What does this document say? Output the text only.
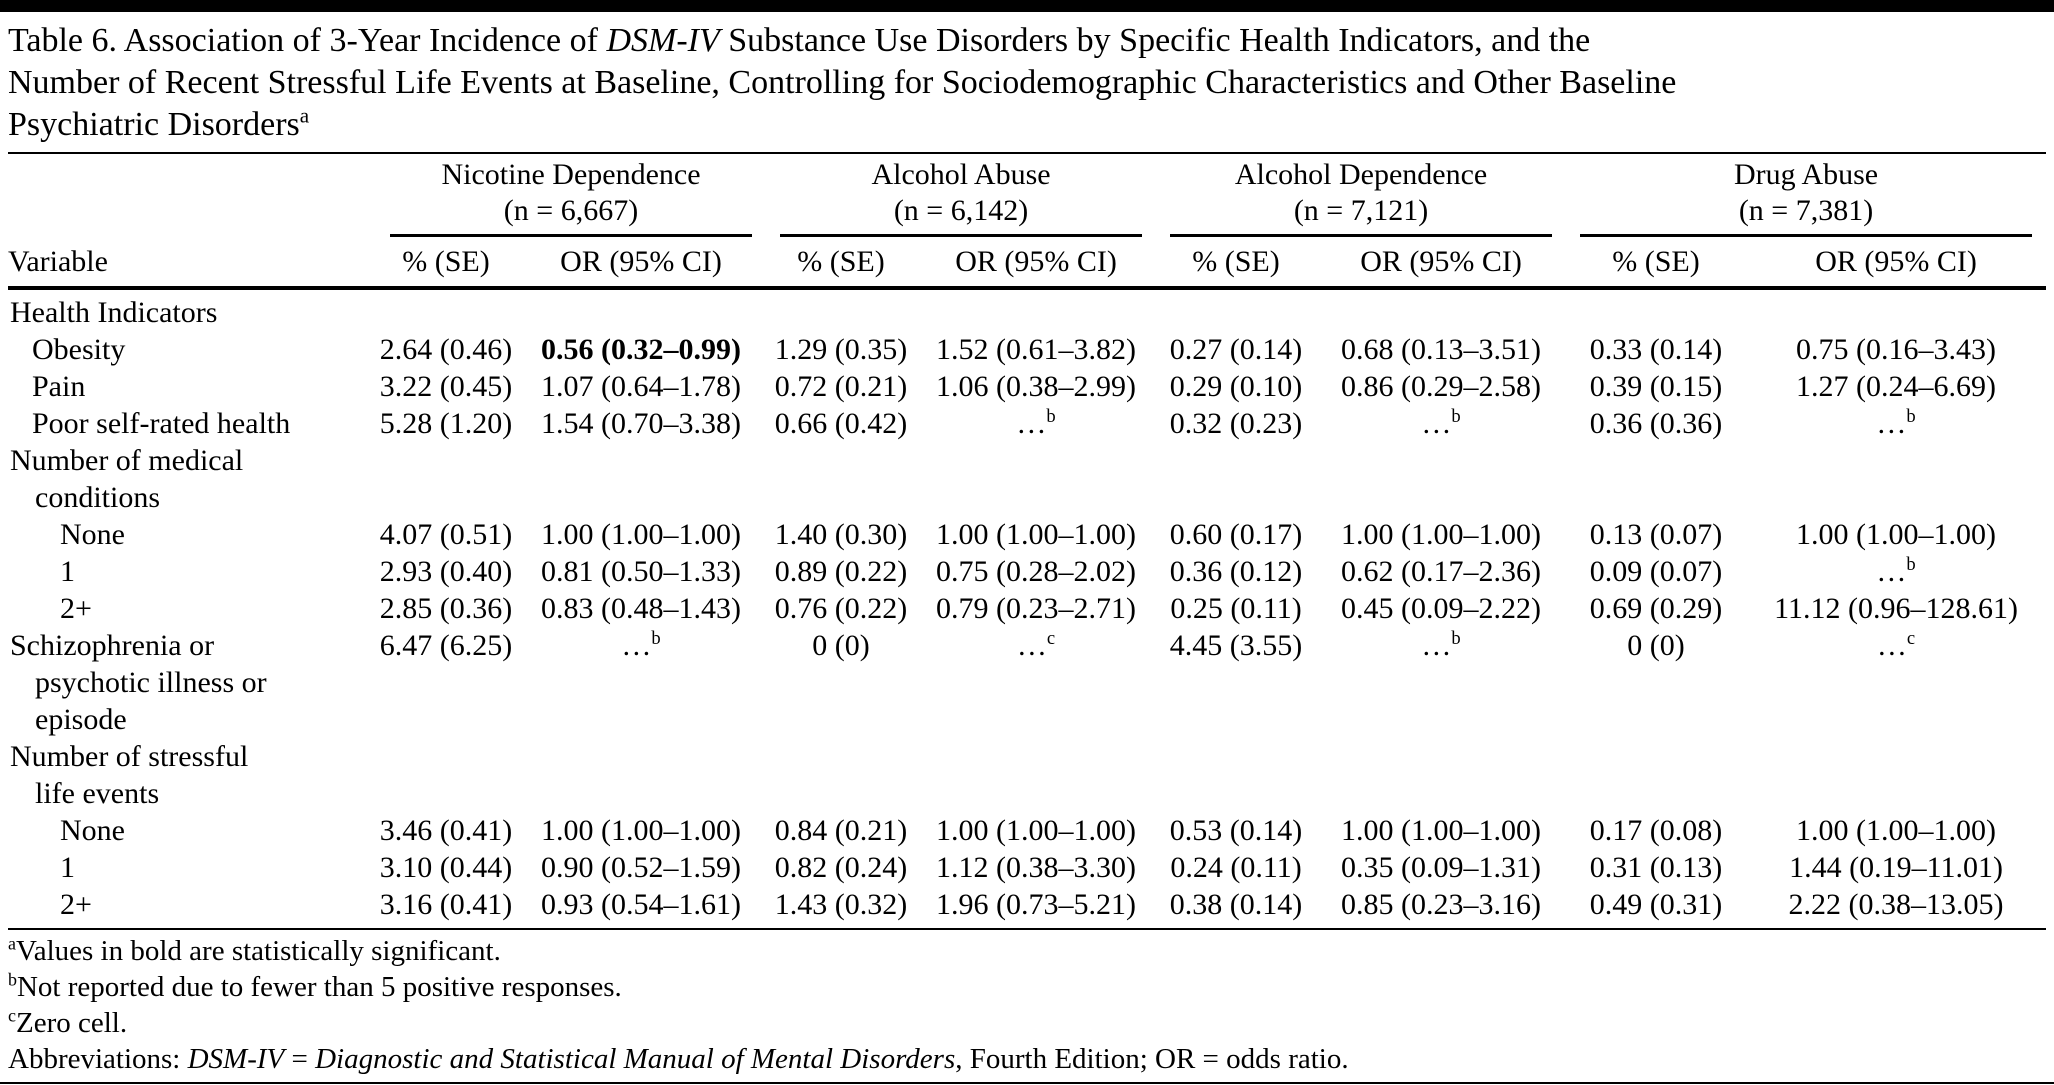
Table 6. Association of 3-Year Incidence of DSM-IV Substance Use Disorders by Specific Health Indicators, and the
Number of Recent Stressful Life Events at Baseline, Controlling for Sociodemographic Characteristics and Other Baseline
Psychiatric Disorders$^a$

Nicotine Dependence
(n = 6,667)

Alcohol Abuse
(n = 6,142)

Alcohol Dependence
(n = 7,121)

Drug Abuse
(n = 7,381)

Variable	% (SE)	OR (95% CI)	% (SE)	OR (95% CI)	% (SE)	OR (95% CI)	% (SE)	OR (95% CI)

Health Indicators								

Obesity	2.64 (0.46)	0.56 (0.32–0.99)	1.29 (0.35)	1.52 (0.61–3.82)	0.27 (0.14)	0.68 (0.13–3.51)	0.33 (0.14)	0.75 (0.16–3.43)

Pain	3.22 (0.45)	1.07 (0.64–1.78)	0.72 (0.21)	1.06 (0.38–2.99)	0.29 (0.10)	0.86 (0.29–2.58)	0.39 (0.15)	1.27 (0.24–6.69)

Poor self-rated health	5.28 (1.20)	1.54 (0.70–3.38)	0.66 (0.42)	…$^b$	0.32 (0.23)	…$^b$	0.36 (0.36)	…$^b$

Number of medical
conditions								

None	4.07 (0.51)	1.00 (1.00–1.00)	1.40 (0.30)	1.00 (1.00–1.00)	0.60 (0.17)	1.00 (1.00–1.00)	0.13 (0.07)	1.00 (1.00–1.00)

1	2.93 (0.40)	0.81 (0.50–1.33)	0.89 (0.22)	0.75 (0.28–2.02)	0.36 (0.12)	0.62 (0.17–2.36)	0.09 (0.07)	…$^b$

2+	2.85 (0.36)	0.83 (0.48–1.43)	0.76 (0.22)	0.79 (0.23–2.71)	0.25 (0.11)	0.45 (0.09–2.22)	0.69 (0.29)	11.12 (0.96–128.61)

Schizophrenia or
psychotic illness or
episode	6.47 (6.25)	…$^b$	0 (0)	…$^c$	4.45 (3.55)	…$^b$	0 (0)	…$^c$

Number of stressful
life events								

None	3.46 (0.41)	1.00 (1.00–1.00)	0.84 (0.21)	1.00 (1.00–1.00)	0.53 (0.14)	1.00 (1.00–1.00)	0.17 (0.08)	1.00 (1.00–1.00)

1	3.10 (0.44)	0.90 (0.52–1.59)	0.82 (0.24)	1.12 (0.38–3.30)	0.24 (0.11)	0.35 (0.09–1.31)	0.31 (0.13)	1.44 (0.19–11.01)

2+	3.16 (0.41)	0.93 (0.54–1.61)	1.43 (0.32)	1.96 (0.73–5.21)	0.38 (0.14)	0.85 (0.23–3.16)	0.49 (0.31)	2.22 (0.38–13.05)
$^a$Values in bold are statistically significant.
$^b$Not reported due to fewer than 5 positive responses.
$^c$Zero cell.
Abbreviations: DSM-IV = Diagnostic and Statistical Manual of Mental Disorders, Fourth Edition; OR = odds ratio.
